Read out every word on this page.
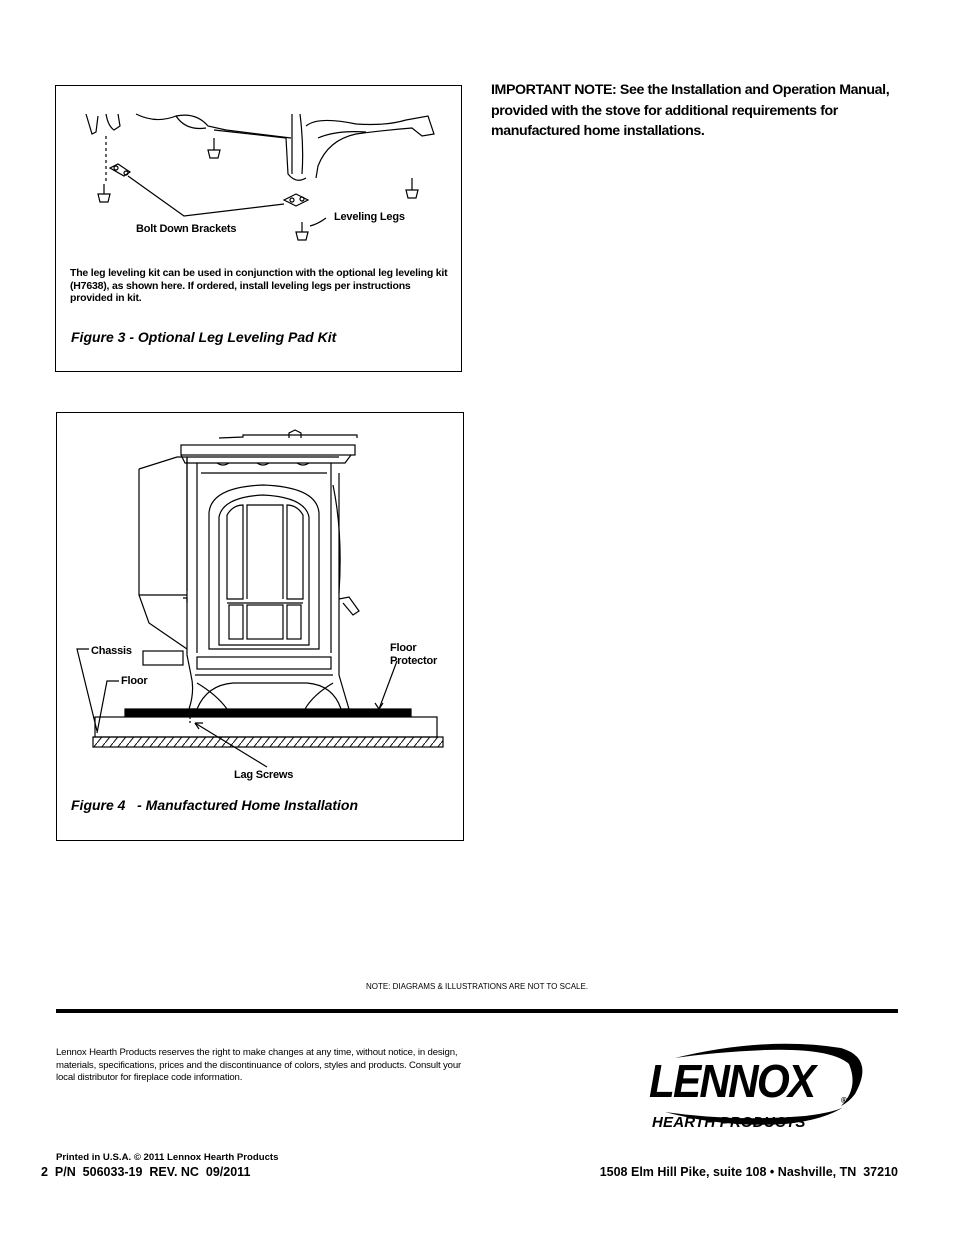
Bolt Down Brackets
Leveling Legs
The leg leveling kit can be used in conjunction with the optional leg leveling kit (H7638), as shown here. If ordered, install leveling legs per instructions provided in kit.
Figure 3 - Optional Leg Leveling Pad Kit
Chassis
Floor
Floor
Protector
Lag Screws
Figure 4   - Manufactured Home Installation
IMPORTANT NOTE: See the Installation and Operation Manual, provided with the stove for additional requirements for manufactured home installations.
NOTE: DIAGRAMS & ILLUSTRATIONS ARE NOT TO SCALE.
Lennox Hearth Products reserves the right to make changes at any time, without notice, in design, materials, specifications, prices and the discontinuance of colors, styles and products. Consult your local distributor for fireplace code information.	LENNOX	®
HEARTH PRODUCTS
Printed in U.S.A. © 2011 Lennox Hearth Products
2  P/N  506033-19  REV. NC  09/2011	1508 Elm Hill Pike, suite 108 • Nashville, TN  37210
